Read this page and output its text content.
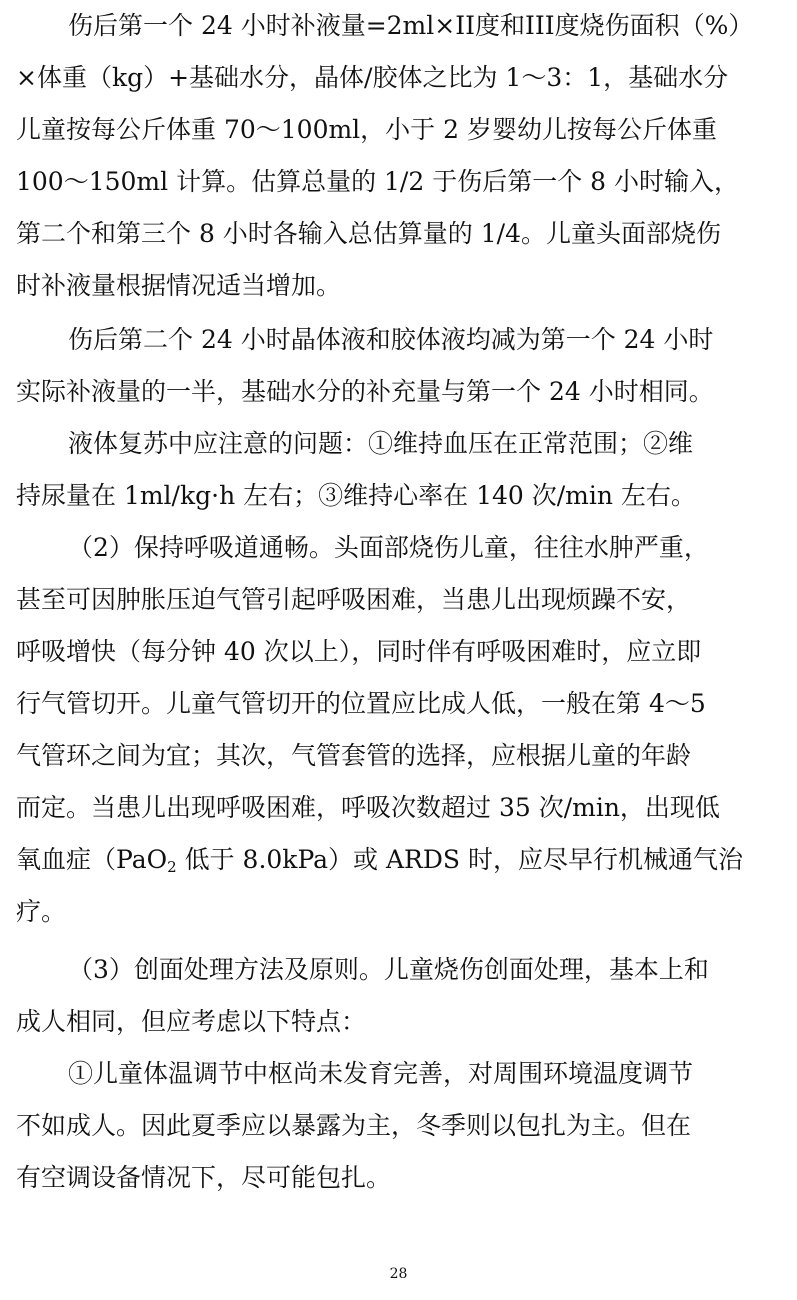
伤后第一个 24 小时补液量=2ml×II度和III度烧伤面积（%）
×体重（kg）+基础水分，晶体/胶体之比为 1～3：1，基础水分
儿童按每公斤体重 70～100ml，小于 2 岁婴幼儿按每公斤体重
100～150ml 计算。估算总量的 1/2 于伤后第一个 8 小时输入，
第二个和第三个 8 小时各输入总估算量的 1/4。儿童头面部烧伤
时补液量根据情况适当增加。
伤后第二个 24 小时晶体液和胶体液均减为第一个 24 小时
实际补液量的一半，基础水分的补充量与第一个 24 小时相同。
液体复苏中应注意的问题：①维持血压在正常范围；②维
持尿量在 1ml/kg·h 左右；③维持心率在 140 次/min 左右。
（2）保持呼吸道通畅。头面部烧伤儿童，往往水肿严重，
甚至可因肿胀压迫气管引起呼吸困难，当患儿出现烦躁不安，
呼吸增快（每分钟 40 次以上），同时伴有呼吸困难时，应立即
行气管切开。儿童气管切开的位置应比成人低，一般在第 4～5
气管环之间为宜；其次，气管套管的选择，应根据儿童的年龄
而定。当患儿出现呼吸困难，呼吸次数超过 35 次/min，出现低
氧血症（PaO$_2$ 低于 8.0kPa）或 ARDS 时，应尽早行机械通气治
疗。
（3）创面处理方法及原则。儿童烧伤创面处理，基本上和
成人相同，但应考虑以下特点：
①儿童体温调节中枢尚未发育完善，对周围环境温度调节
不如成人。因此夏季应以暴露为主，冬季则以包扎为主。但在
有空调设备情况下，尽可能包扎。
28
